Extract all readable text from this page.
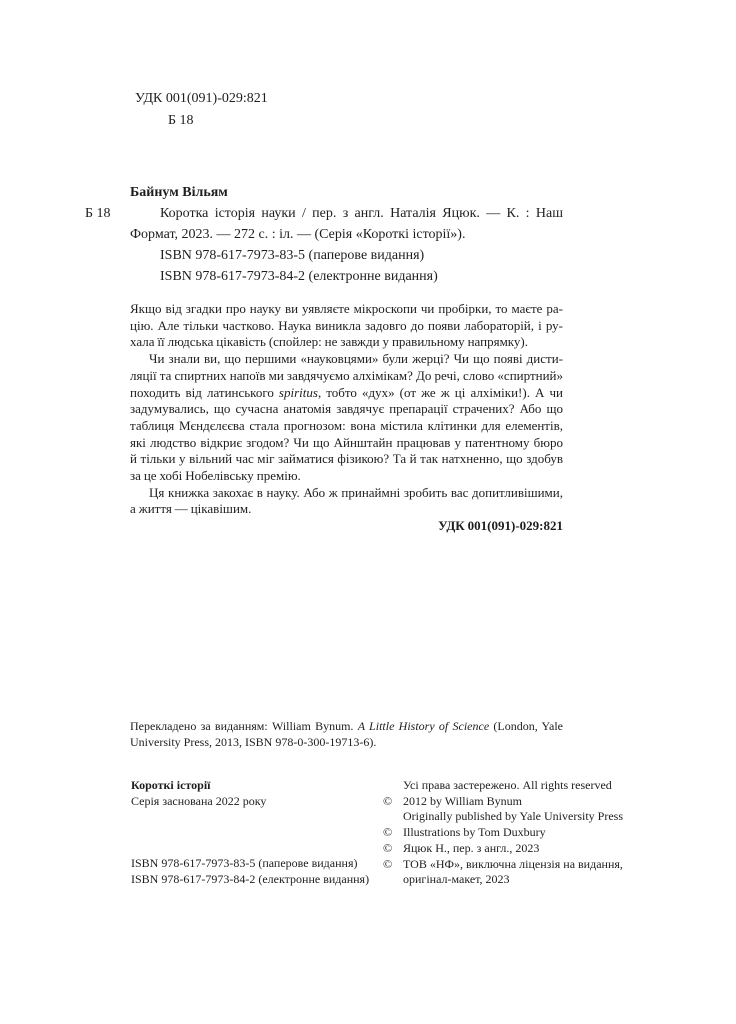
УДК 001(091)-029:821
Б 18
Байнум Вільям
Б 18	Коротка історія науки / пер. з англ. Наталія Яцюк. — К. : Наш
Формат, 2023. — 272 с. : іл. — (Серія «Короткі історії»).
ISBN 978-617-7973-83-5 (паперове видання)
ISBN 978-617-7973-84-2 (електронне видання)
Якщо від згадки про науку ви уявляєте мікроскопи чи пробірки, то маєте ра-
цію. Але тільки частково. Наука виникла задовго до появи лабораторій, і ру-
хала її людська цікавість (спойлер: не завжди у правильному напрямку).
Чи знали ви, що першими «науковцями» були жерці? Чи що появі дисти-
ляції та спиртних напоїв ми завдячуємо алхімікам? До речі, слово «спиртний»
походить від латинського spiritus, тобто «дух» (от же ж ці алхіміки!). А чи
задумувались, що сучасна анатомія завдячує препарації страчених? Або що
таблиця Мєндєлєєва стала прогнозом: вона містила клітинки для елементів,
які людство відкриє згодом? Чи що Айнштайн працював у патентному бюро
й тільки у вільний час міг займатися фізикою? Та й так натхненно, що здобув
за це хобі Нобелівську премію.
Ця книжка закохає в науку. Або ж принаймні зробить вас допитливішими,
а життя — цікавішим.
УДК 001(091)-029:821
Перекладено за виданням: William Bynum. A Little History of Science (London, Yale
University Press, 2013, ISBN 978-0-300-19713-6).
Короткі історії
Серія заснована 2022 року
ISBN 978-617-7973-83-5 (паперове видання)
ISBN 978-617-7973-84-2 (електронне видання)
Усі права застережено. All rights reserved
© 2012 by William Bynum
Originally published by Yale University Press
© Illustrations by Tom Duxbury
© Яцюк Н., пер. з англ., 2023
© ТОВ «НФ», виключна ліцензія на видання,
оригінал-макет, 2023
